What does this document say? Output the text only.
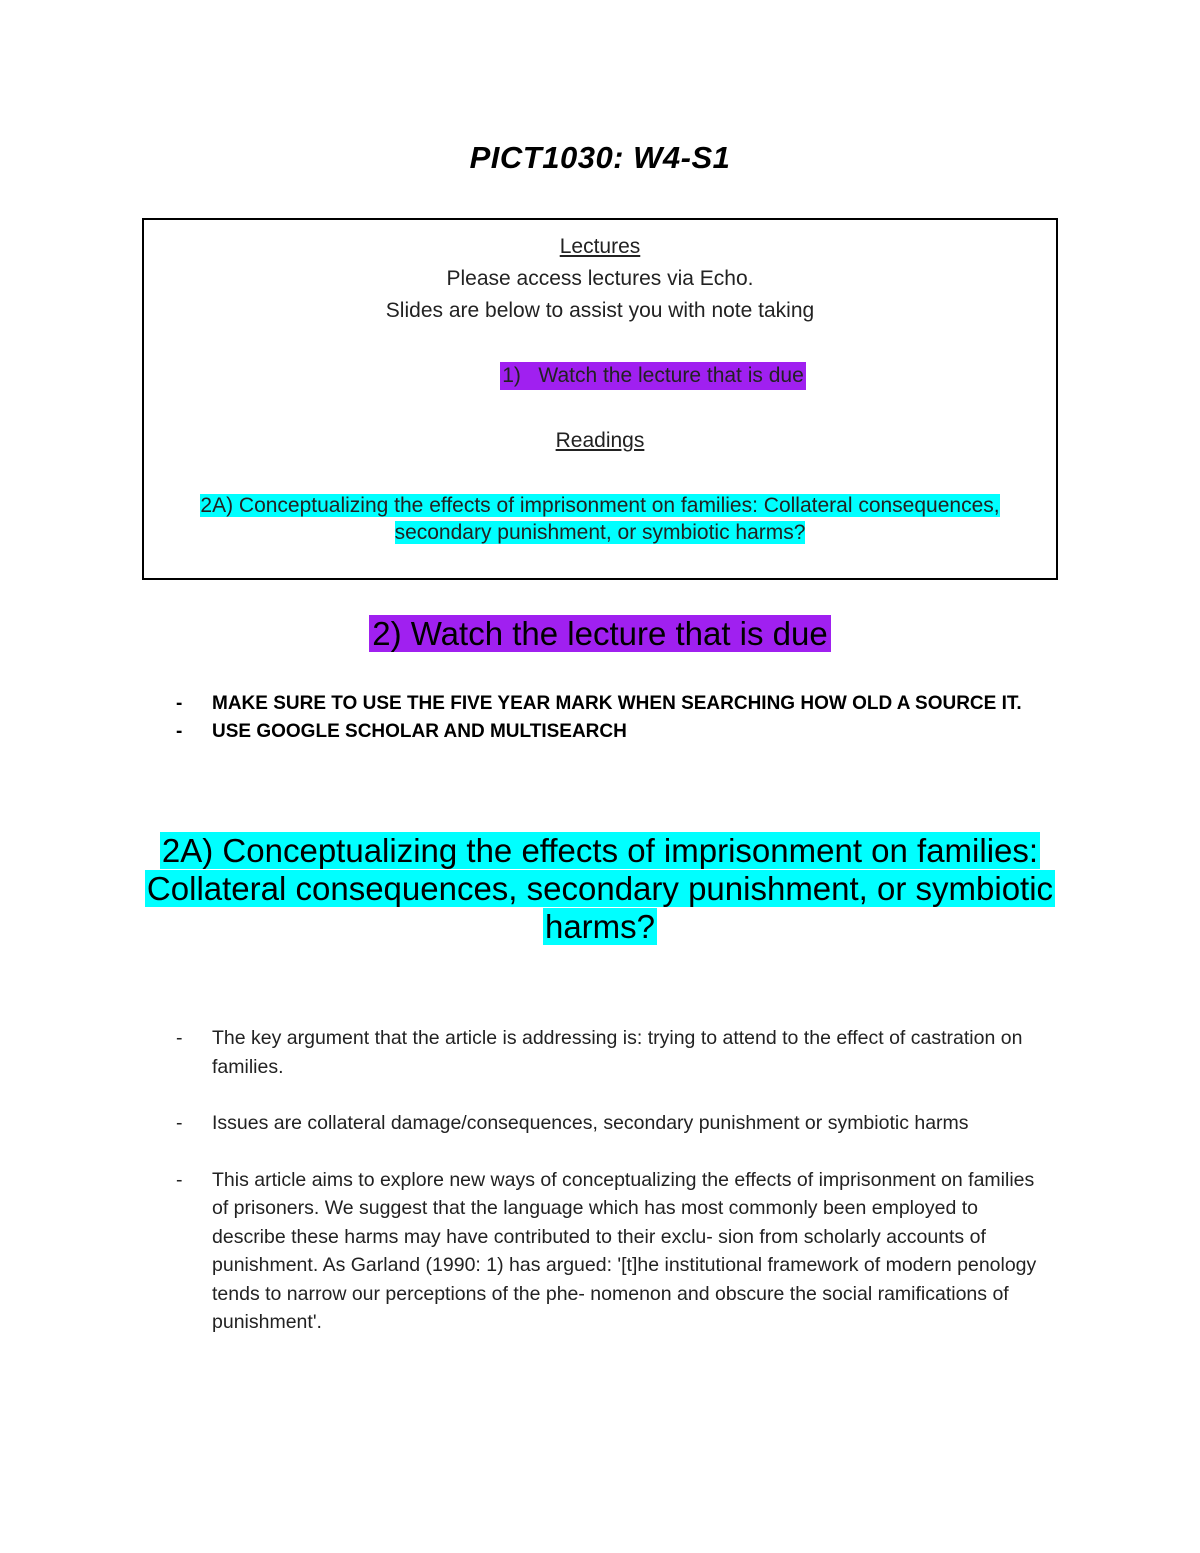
PICT1030: W4-S1
Lectures
Please access lectures via Echo.
Slides are below to assist you with note taking
1) Watch the lecture that is due
Readings
2A) Conceptualizing the effects of imprisonment on families: Collateral consequences,
secondary punishment, or symbiotic harms?
2) Watch the lecture that is due
- MAKE SURE TO USE THE FIVE YEAR MARK WHEN SEARCHING HOW OLD A SOURCE IT.
- USE GOOGLE SCHOLAR AND MULTISEARCH
2A) Conceptualizing the effects of imprisonment on families:
Collateral consequences, secondary punishment, or symbiotic
harms?
- The key argument that the article is addressing is: trying to attend to the effect of castration on families.
- Issues are collateral damage/consequences, secondary punishment or symbiotic harms
- This article aims to explore new ways of conceptualizing the effects of imprisonment on families of prisoners. We suggest that the language which has most commonly been employed to describe these harms may have contributed to their exclu- sion from scholarly accounts of punishment. As Garland (1990: 1) has argued: '[t]he institutional framework of modern penology tends to narrow our perceptions of the phe- nomenon and obscure the social ramifications of punishment'.
